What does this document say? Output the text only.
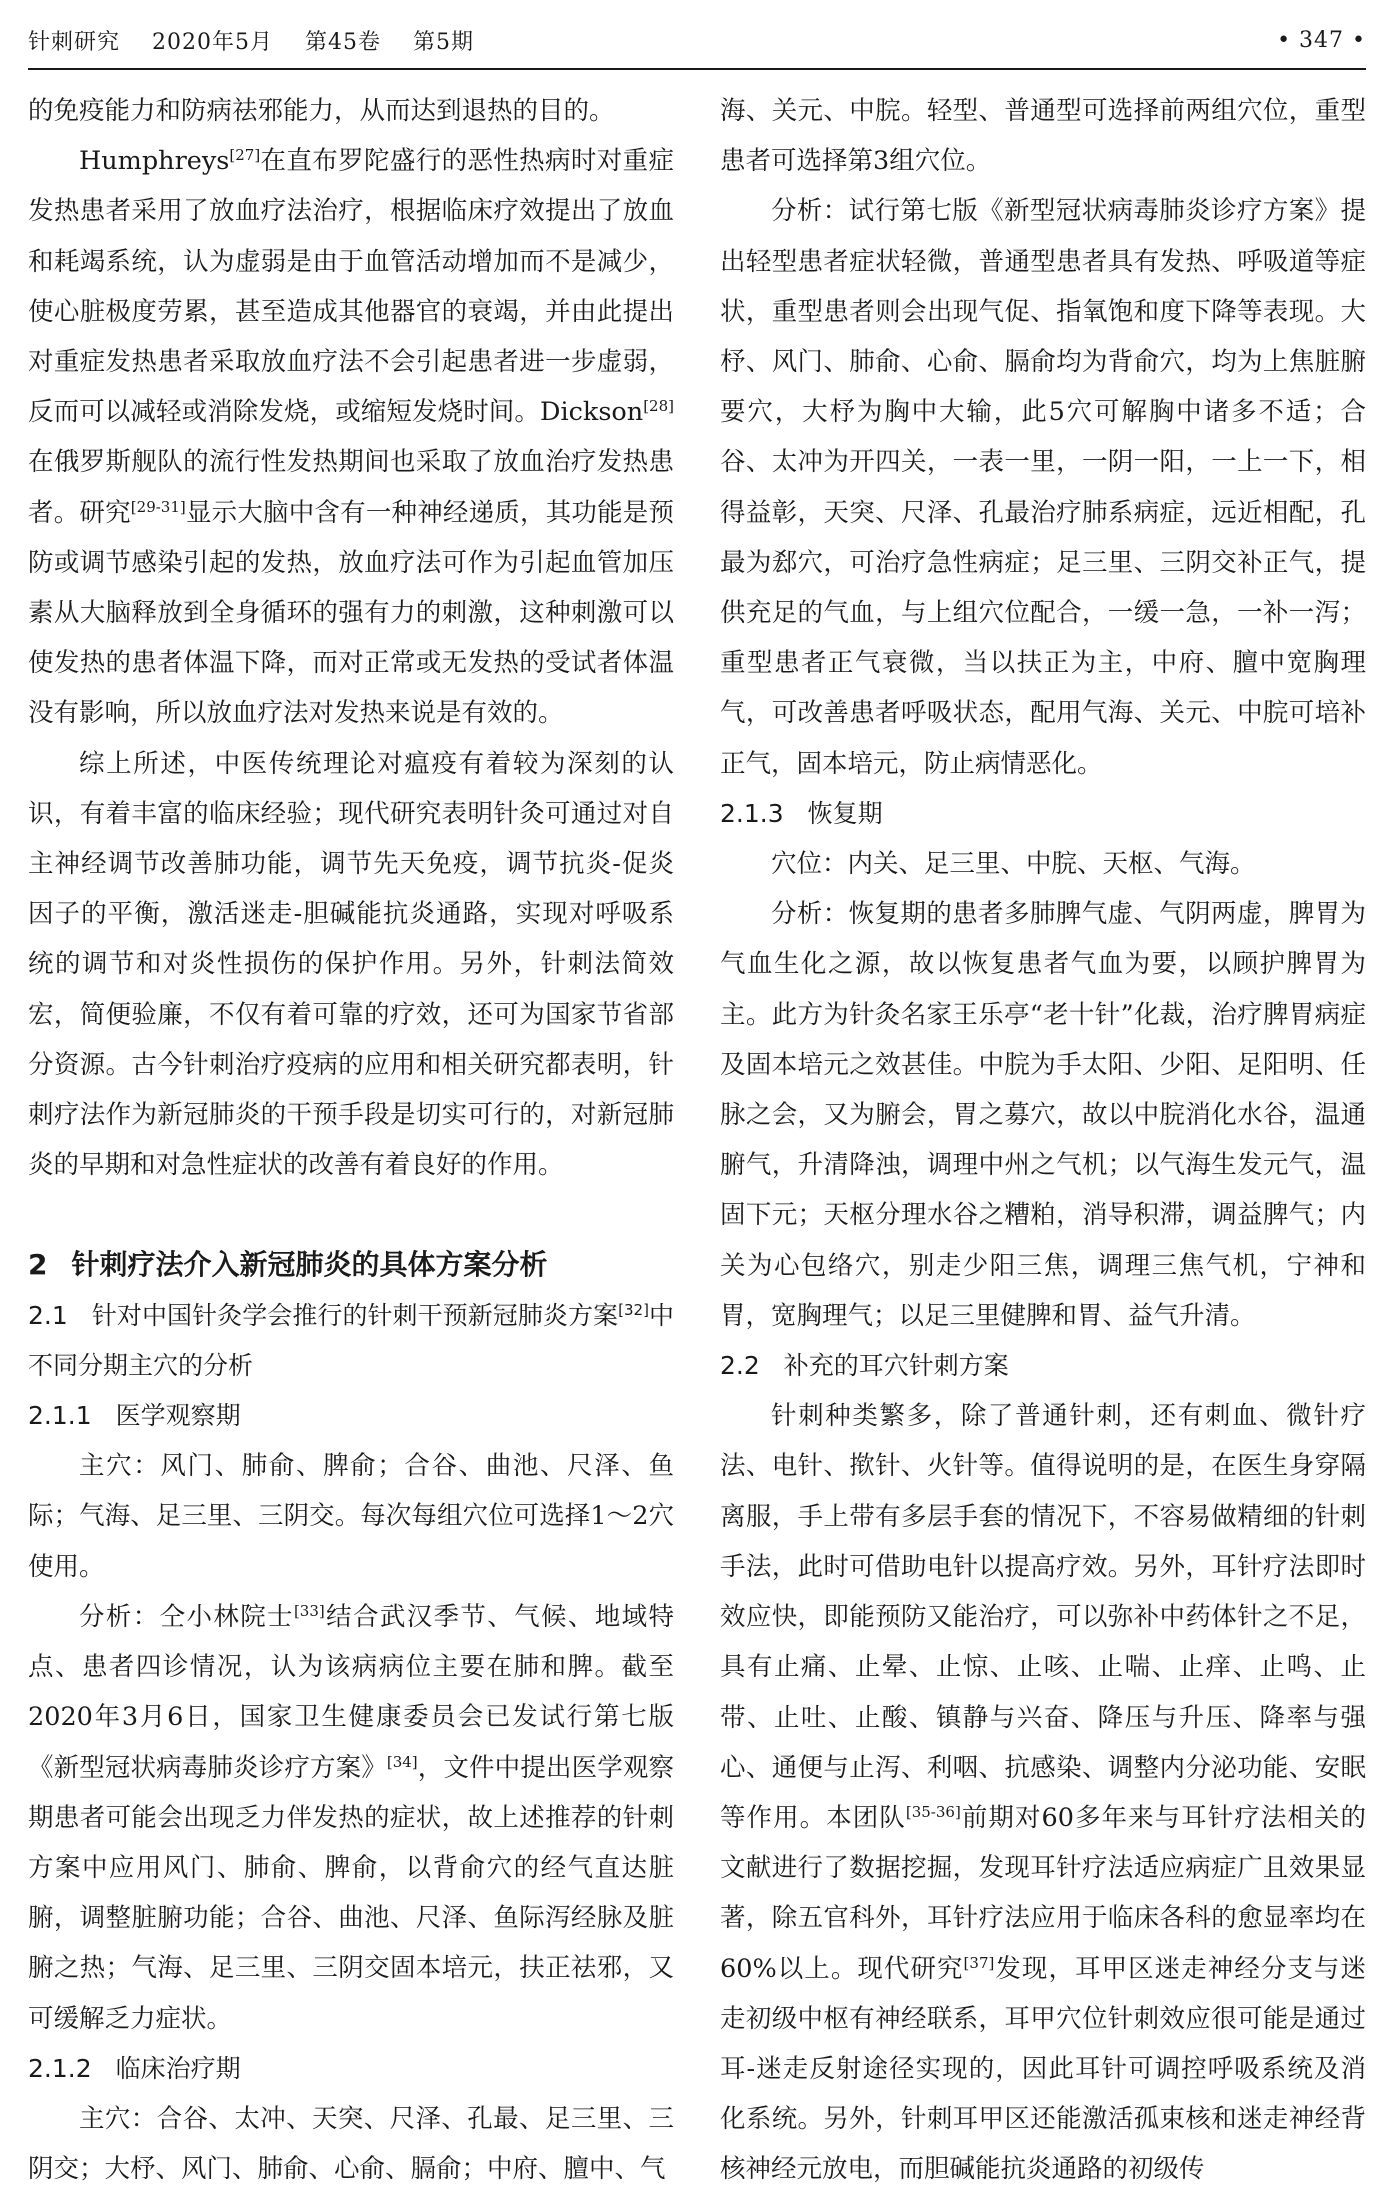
针刺研究 2020年5月 第45卷 第5期	• 347 •

的免疫能力和防病祛邪能力，从而达到退热的目的。

Humphreys[27]在直布罗陀盛行的恶性热病时对重症发热患者采用了放血疗法治疗，根据临床疗效提出了放血和耗竭系统，认为虚弱是由于血管活动增加而不是减少，使心脏极度劳累，甚至造成其他器官的衰竭，并由此提出对重症发热患者采取放血疗法不会引起患者进一步虚弱，反而可以减轻或消除发烧，或缩短发烧时间。Dickson[28]在俄罗斯舰队的流行性发热期间也采取了放血治疗发热患者。研究[29-31]显示大脑中含有一种神经递质，其功能是预防或调节感染引起的发热，放血疗法可作为引起血管加压素从大脑释放到全身循环的强有力的刺激，这种刺激可以使发热的患者体温下降，而对正常或无发热的受试者体温没有影响，所以放血疗法对发热来说是有效的。

综上所述，中医传统理论对瘟疫有着较为深刻的认识，有着丰富的临床经验；现代研究表明针灸可通过对自主神经调节改善肺功能，调节先天免疫，调节抗炎-促炎因子的平衡，激活迷走-胆碱能抗炎通路，实现对呼吸系统的调节和对炎性损伤的保护作用。另外，针刺法简效宏，简便验廉，不仅有着可靠的疗效，还可为国家节省部分资源。古今针刺治疗疫病的应用和相关研究都表明，针刺疗法作为新冠肺炎的干预手段是切实可行的，对新冠肺炎的早期和对急性症状的改善有着良好的作用。

2 针刺疗法介入新冠肺炎的具体方案分析

2.1 针对中国针灸学会推行的针刺干预新冠肺炎方案[32]中不同分期主穴的分析

2.1.1 医学观察期

主穴：风门、肺俞、脾俞；合谷、曲池、尺泽、鱼际；气海、足三里、三阴交。每次每组穴位可选择1～2穴使用。

分析：仝小林院士[33]结合武汉季节、气候、地域特点、患者四诊情况，认为该病病位主要在肺和脾。截至2020年3月6日，国家卫生健康委员会已发试行第七版《新型冠状病毒肺炎诊疗方案》[34]，文件中提出医学观察期患者可能会出现乏力伴发热的症状，故上述推荐的针刺方案中应用风门、肺俞、脾俞，以背俞穴的经气直达脏腑，调整脏腑功能；合谷、曲池、尺泽、鱼际泻经脉及脏腑之热；气海、足三里、三阴交固本培元，扶正祛邪，又可缓解乏力症状。

2.1.2 临床治疗期

主穴：合谷、太冲、天突、尺泽、孔最、足三里、三阴交；大杼、风门、肺俞、心俞、膈俞；中府、膻中、气

海、关元、中脘。轻型、普通型可选择前两组穴位，重型患者可选择第3组穴位。

分析：试行第七版《新型冠状病毒肺炎诊疗方案》提出轻型患者症状轻微，普通型患者具有发热、呼吸道等症状，重型患者则会出现气促、指氧饱和度下降等表现。大杼、风门、肺俞、心俞、膈俞均为背俞穴，均为上焦脏腑要穴，大杼为胸中大输，此5穴可解胸中诸多不适；合谷、太冲为开四关，一表一里，一阴一阳，一上一下，相得益彰，天突、尺泽、孔最治疗肺系病症，远近相配，孔最为郄穴，可治疗急性病症；足三里、三阴交补正气，提供充足的气血，与上组穴位配合，一缓一急，一补一泻；重型患者正气衰微，当以扶正为主，中府、膻中宽胸理气，可改善患者呼吸状态，配用气海、关元、中脘可培补正气，固本培元，防止病情恶化。

2.1.3 恢复期

穴位：内关、足三里、中脘、天枢、气海。

分析：恢复期的患者多肺脾气虚、气阴两虚，脾胃为气血生化之源，故以恢复患者气血为要，以顾护脾胃为主。此方为针灸名家王乐亭“老十针”化裁，治疗脾胃病症及固本培元之效甚佳。中脘为手太阳、少阳、足阳明、任脉之会，又为腑会，胃之募穴，故以中脘消化水谷，温通腑气，升清降浊，调理中州之气机；以气海生发元气，温固下元；天枢分理水谷之糟粕，消导积滞，调益脾气；内关为心包络穴，别走少阳三焦，调理三焦气机，宁神和胃，宽胸理气；以足三里健脾和胃、益气升清。

2.2 补充的耳穴针刺方案

针刺种类繁多，除了普通针刺，还有刺血、微针疗法、电针、揿针、火针等。值得说明的是，在医生身穿隔离服，手上带有多层手套的情况下，不容易做精细的针刺手法，此时可借助电针以提高疗效。另外，耳针疗法即时效应快，即能预防又能治疗，可以弥补中药体针之不足，具有止痛、止晕、止惊、止咳、止喘、止痒、止鸣、止带、止吐、止酸、镇静与兴奋、降压与升压、降率与强心、通便与止泻、利咽、抗感染、调整内分泌功能、安眠等作用。本团队[35-36]前期对60多年来与耳针疗法相关的文献进行了数据挖掘，发现耳针疗法适应病症广且效果显著，除五官科外，耳针疗法应用于临床各科的愈显率均在60%以上。现代研究[37]发现，耳甲区迷走神经分支与迷走初级中枢有神经联系，耳甲穴位针刺效应很可能是通过耳-迷走反射途径实现的，因此耳针可调控呼吸系统及消化系统。另外，针刺耳甲区还能激活孤束核和迷走神经背核神经元放电，而胆碱能抗炎通路的初级传
